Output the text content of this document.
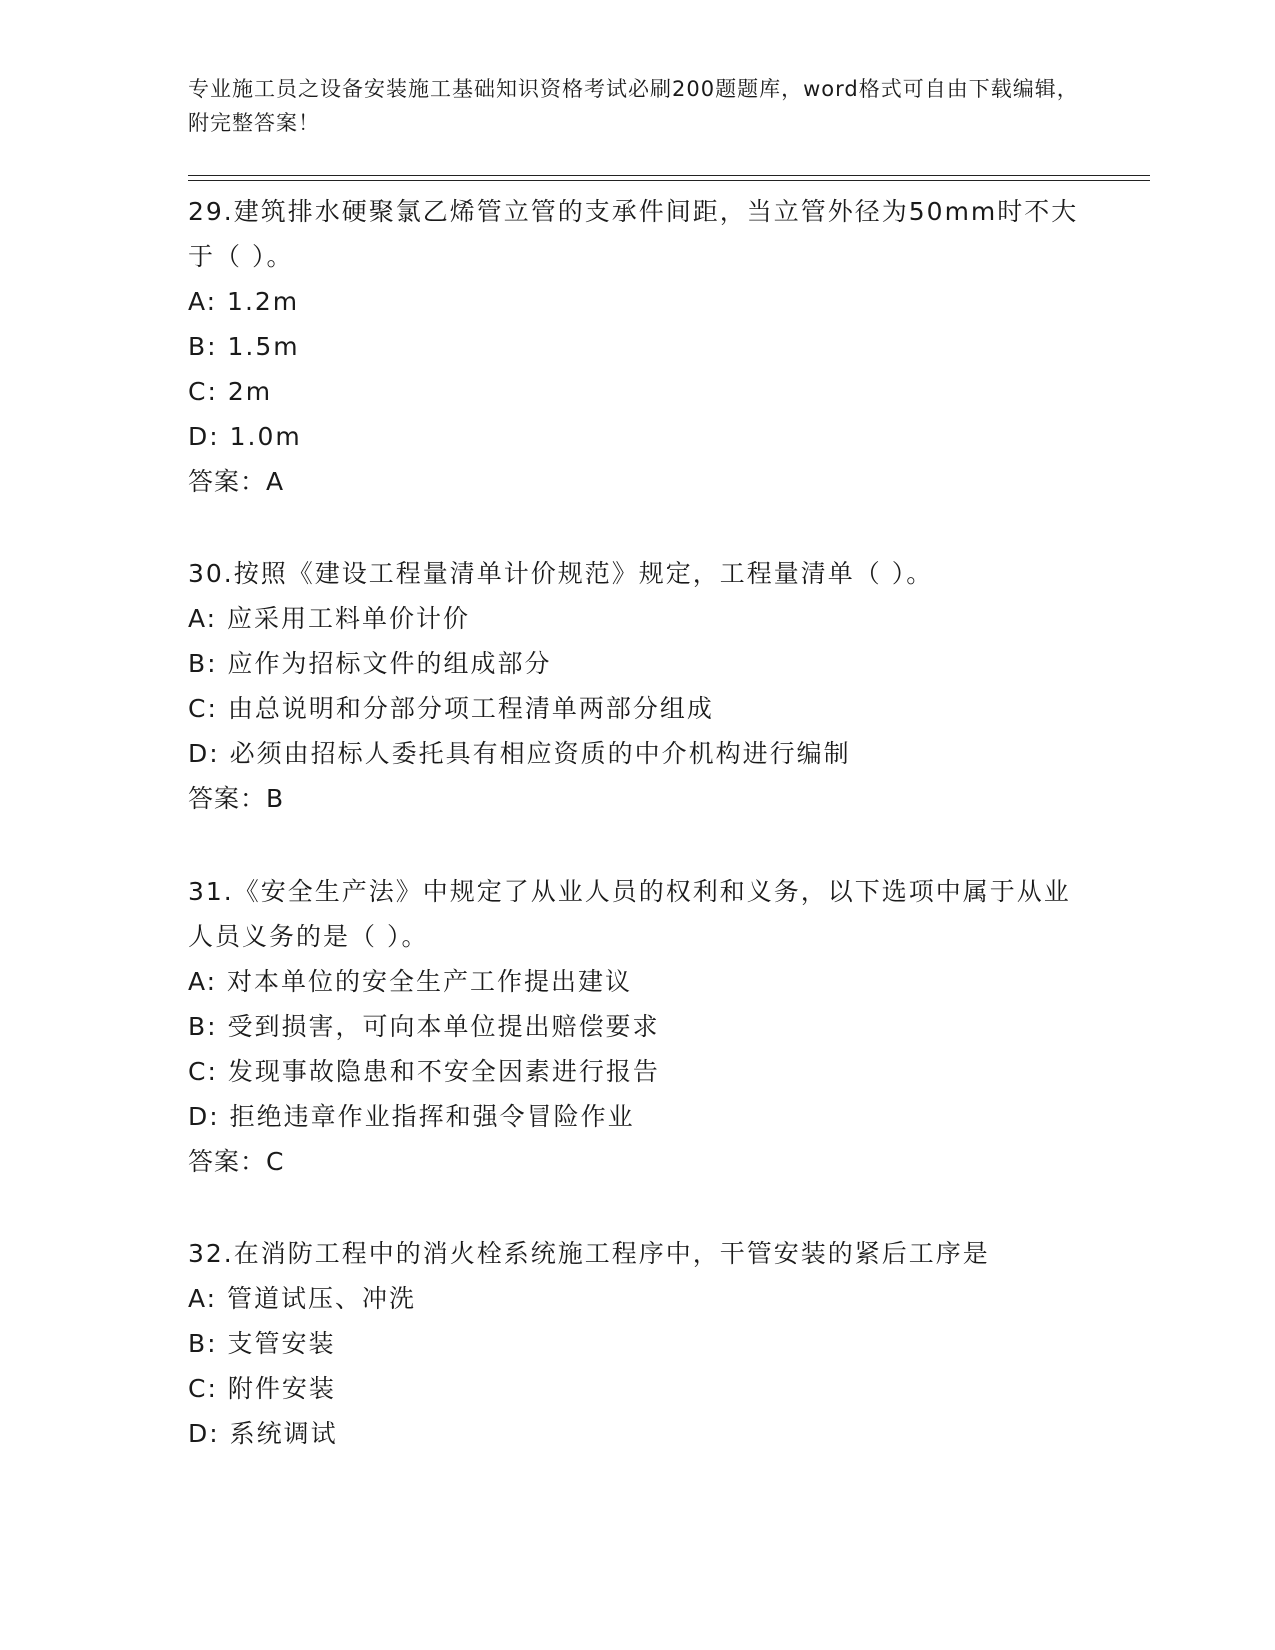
专业施工员之设备安装施工基础知识资格考试必刷200题题库，word格式可自由下载编辑，附完整答案！

29.建筑排水硬聚氯乙烯管立管的支承件间距，当立管外径为50mm时不大于（ ）。

A: 1.2m

B: 1.5m

C: 2m

D: 1.0m

答案：A

30.按照《建设工程量清单计价规范》规定，工程量清单（ ）。

A: 应采用工料单价计价

B: 应作为招标文件的组成部分

C: 由总说明和分部分项工程清单两部分组成

D: 必须由招标人委托具有相应资质的中介机构进行编制

答案：B

31.《安全生产法》中规定了从业人员的权利和义务，以下选项中属于从业人员义务的是（ ）。

A: 对本单位的安全生产工作提出建议

B: 受到损害，可向本单位提出赔偿要求

C: 发现事故隐患和不安全因素进行报告

D: 拒绝违章作业指挥和强令冒险作业

答案：C

32.在消防工程中的消火栓系统施工程序中，干管安装的紧后工序是

A: 管道试压、冲洗

B: 支管安装

C: 附件安装

D: 系统调试
